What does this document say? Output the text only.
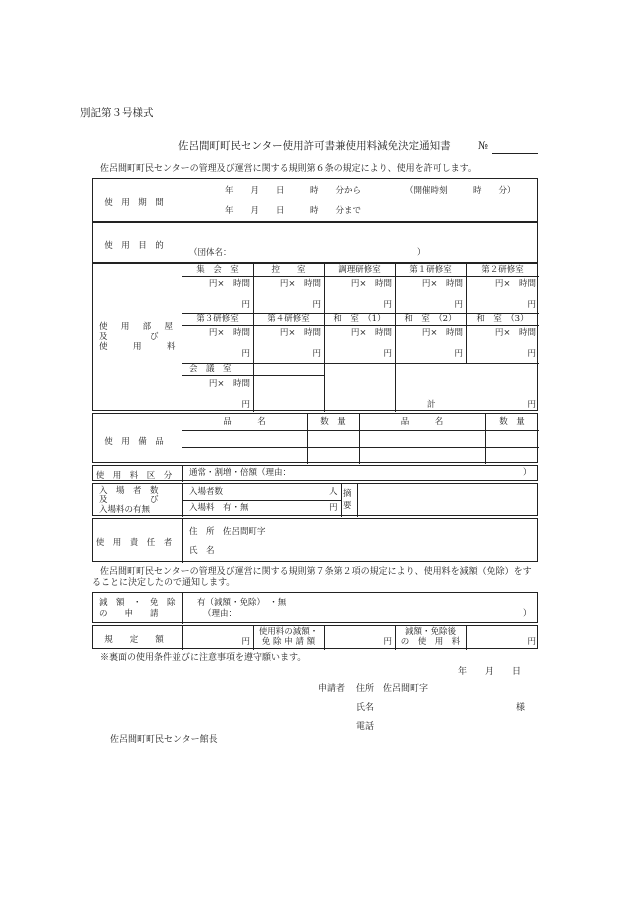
別記第３号様式
佐呂間町町民センター使用許可書兼使用料減免決定通知書	№
佐呂間町町民センターの管理及び運営に関する規則第６条の規定により、使用を許可します。
使　用　期　間
年　　月　　日　　　時　　分から
年　　月　　日　　　時　　分まで
（開催時刻　　　時　　分）
使　用　目　的
（団体名：	）
使　用　部　屋
及　　　　　び
使　　　用　　　料
集　会　室	控　　室	調理研修室	第１研修室	第２研修室
円×　時間	円×　時間	円×　時間	円×　時間	円×　時間
円	円	円	円	円
第３研修室	第４研修室	和　室　（1）	和　室　（2）	和　室　（3）
円×　時間	円×　時間	円×　時間	円×　時間	円×　時間
円	円	円	円	円
会　議　室
円×　時間
円	計	円
使　用　備　品
品　　　名	数　量	品　　　名	数　量
使　用　料　区　分	通常・割増・倍額（理由：	）
入　場　者　数
及　　　　　び
入場料の有無
入場者数	人
入場料　有・無	円
摘　要
使　用　責　任　者
住　所　佐呂間町字
氏　名
佐呂間町町民センターの管理及び運営に関する規則第７条第２項の規定により、使用料を減額（免除）をすることに決定したので通知します。
減　額　・　免　除
の　　申　　請
有（減額・免除）　・無
（理由：	）
規　　定　　額	円
使用料の減額・
免 除 申 請 額	円
減額・免除後
の　使　用　料	円
※裏面の使用条件並びに注意事項を遵守願います。
年　　月　　日
申請者 住所　佐呂間町字
氏名	様
電話
佐呂間町町民センター館長
